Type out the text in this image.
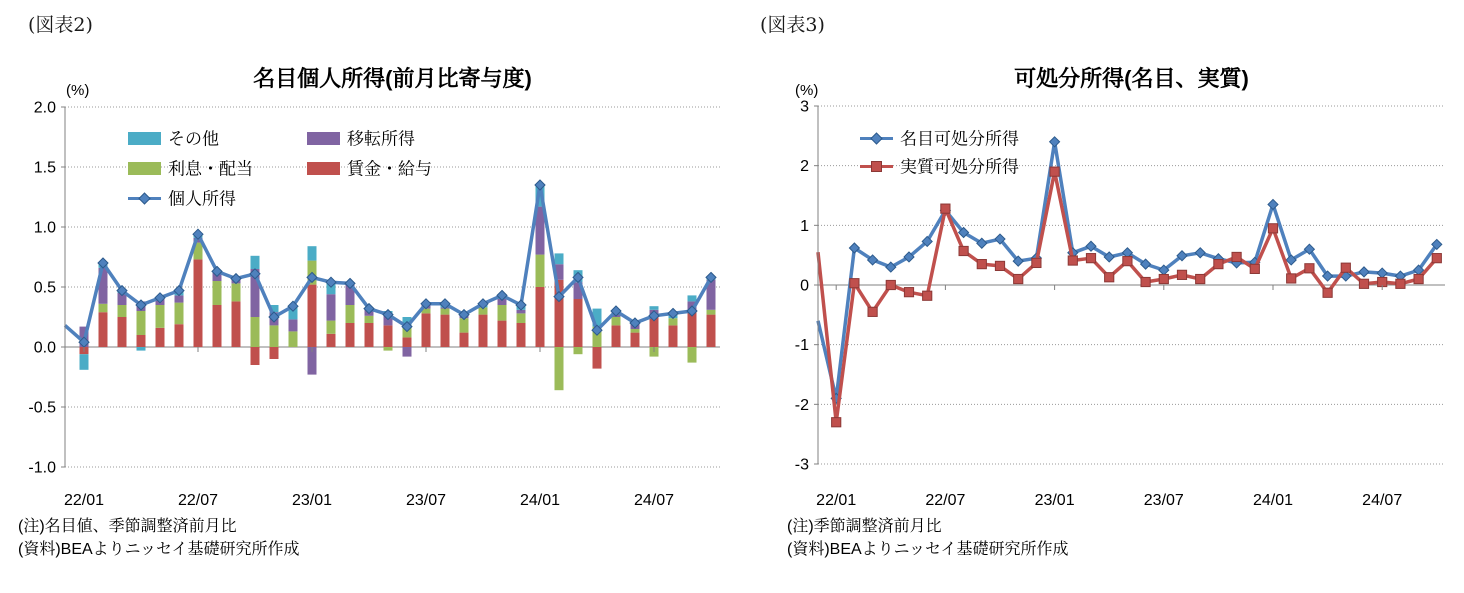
(図表2)
名目個人所得(前月比寄与度)
(%)
2.0
1.5
1.0
0.5
0.0
-0.5
-1.0
22/01	22/07	23/01	23/07	24/01	24/07
その他	移転所得
利息・配当	賃金・給与
個人所得
(注)名目値、季節調整済前月比
(資料)BEAよりニッセイ基礎研究所作成
(図表3)
可処分所得(名目、実質)
(%)
3
2
1
0
-1
-2
-3
22/01	22/07	23/01	23/07	24/01	24/07
名目可処分所得
実質可処分所得
(注)季節調整済前月比
(資料)BEAよりニッセイ基礎研究所作成
